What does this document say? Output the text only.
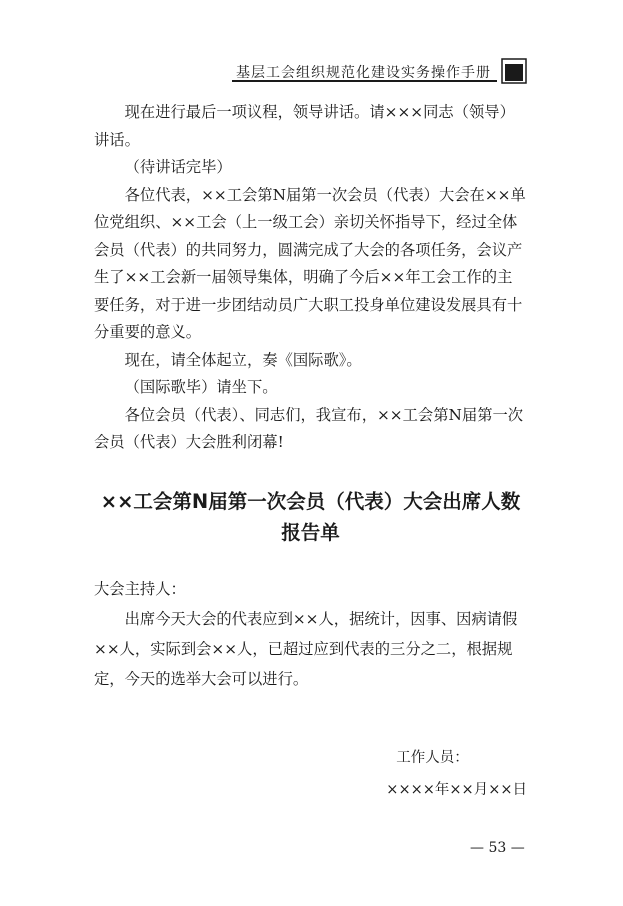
基层工会组织规范化建设实务操作手册

现在进行最后一项议程，领导讲话。请×××同志（领导）讲话。

（待讲话完毕）

各位代表，××工会第N届第一次会员（代表）大会在××单位党组织、××工会（上一级工会）亲切关怀指导下，经过全体会员（代表）的共同努力，圆满完成了大会的各项任务，会议产生了××工会新一届领导集体，明确了今后××年工会工作的主要任务，对于进一步团结动员广大职工投身单位建设发展具有十分重要的意义。

现在，请全体起立，奏《国际歌》。

（国际歌毕）请坐下。

各位会员（代表）、同志们，我宣布，××工会第N届第一次会员（代表）大会胜利闭幕!

××工会第N届第一次会员（代表）大会出席人数
报告单

大会主持人：

出席今天大会的代表应到××人，据统计，因事、因病请假××人，实际到会××人，已超过应到代表的三分之二，根据规定，今天的选举大会可以进行。

工作人员：
××××年××月××日
— 53 —
